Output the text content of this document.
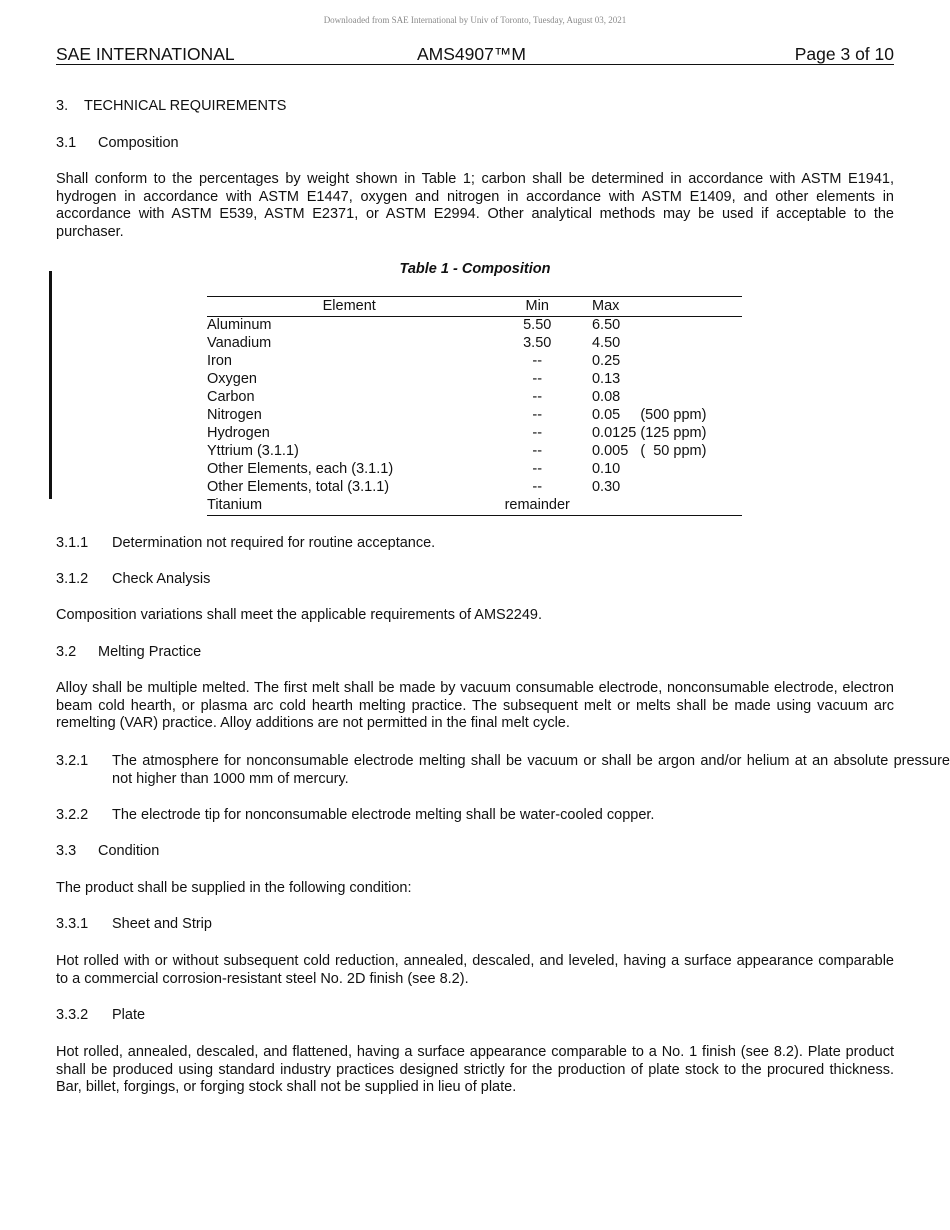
Downloaded from SAE International by Univ of Toronto, Tuesday, August 03, 2021
SAE INTERNATIONAL	AMS4907™M	Page 3 of 10
3. TECHNICAL REQUIREMENTS
3.1 Composition
Shall conform to the percentages by weight shown in Table 1; carbon shall be determined in accordance with ASTM E1941, hydrogen in accordance with ASTM E1447, oxygen and nitrogen in accordance with ASTM E1409, and other elements in accordance with ASTM E539, ASTM E2371, or ASTM E2994. Other analytical methods may be used if acceptable to the purchaser.
Table 1 - Composition
Element	Min	Max
Aluminum	5.50	6.50
Vanadium	3.50	4.50
Iron	--	0.25
Oxygen	--	0.13
Carbon	--	0.08
Nitrogen	--	0.05     (500 ppm)
Hydrogen	--	0.0125 (125 ppm)
Yttrium (3.1.1)	--	0.005   (  50 ppm)
Other Elements, each (3.1.1)	--	0.10
Other Elements, total (3.1.1)	--	0.30
Titanium	remainder	
3.1.1 Determination not required for routine acceptance.
3.1.2 Check Analysis
Composition variations shall meet the applicable requirements of AMS2249.
3.2 Melting Practice
Alloy shall be multiple melted. The first melt shall be made by vacuum consumable electrode, nonconsumable electrode, electron beam cold hearth, or plasma arc cold hearth melting practice. The subsequent melt or melts shall be made using vacuum arc remelting (VAR) practice. Alloy additions are not permitted in the final melt cycle.
3.2.1 The atmosphere for nonconsumable electrode melting shall be vacuum or shall be argon and/or helium at an absolute pressure not higher than 1000 mm of mercury.
3.2.2 The electrode tip for nonconsumable electrode melting shall be water-cooled copper.
3.3 Condition
The product shall be supplied in the following condition:
3.3.1 Sheet and Strip
Hot rolled with or without subsequent cold reduction, annealed, descaled, and leveled, having a surface appearance comparable to a commercial corrosion-resistant steel No. 2D finish (see 8.2).
3.3.2 Plate
Hot rolled, annealed, descaled, and flattened, having a surface appearance comparable to a No. 1 finish (see 8.2). Plate product shall be produced using standard industry practices designed strictly for the production of plate stock to the procured thickness. Bar, billet, forgings, or forging stock shall not be supplied in lieu of plate.
